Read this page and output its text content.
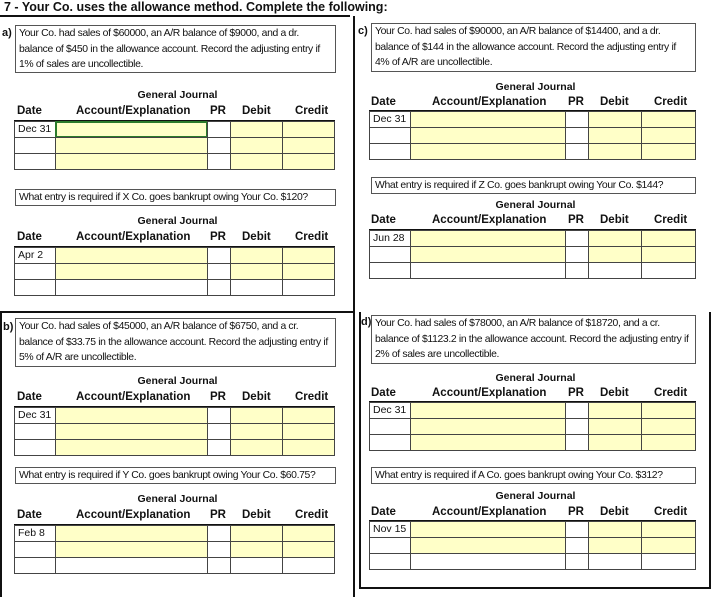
7 - Your Co. uses the allowance method. Complete the following:
a) Your Co. had sales of $60000, an A/R balance of $9000, and a dr. balance of $450 in the allowance account. Record the adjusting entry if 1% of sales are uncollectible.
General Journal
Date	Account/Explanation PR Debit Credit
Dec 31
What entry is required if X Co. goes bankrupt owing Your Co. $120?
General Journal
Date	Account/Explanation PR Debit Credit
Apr 2
b) Your Co. had sales of $45000, an A/R balance of $6750, and a cr. balance of $33.75 in the allowance account. Record the adjusting entry if 5% of A/R are uncollectible.
General Journal
Date	Account/Explanation PR Debit Credit
Dec 31
What entry is required if Y Co. goes bankrupt owing Your Co. $60.75?
General Journal
Date	Account/Explanation PR Debit Credit
Feb 8
c) Your Co. had sales of $90000, an A/R balance of $14400, and a dr. balance of $144 in the allowance account. Record the adjusting entry if 4% of A/R are uncollectible.
General Journal
Date	Account/Explanation PR Debit Credit
Dec 31
What entry is required if Z Co. goes bankrupt owing Your Co. $144?
General Journal
Date	Account/Explanation PR Debit Credit
Jun 28
d) Your Co. had sales of $78000, an A/R balance of $18720, and a cr. balance of $1123.2 in the allowance account. Record the adjusting entry if 2% of sales are uncollectible.
General Journal
Date	Account/Explanation PR Debit Credit
Dec 31
What entry is required if A Co. goes bankrupt owing Your Co. $312?
General Journal
Date	Account/Explanation PR Debit Credit
Nov 15
